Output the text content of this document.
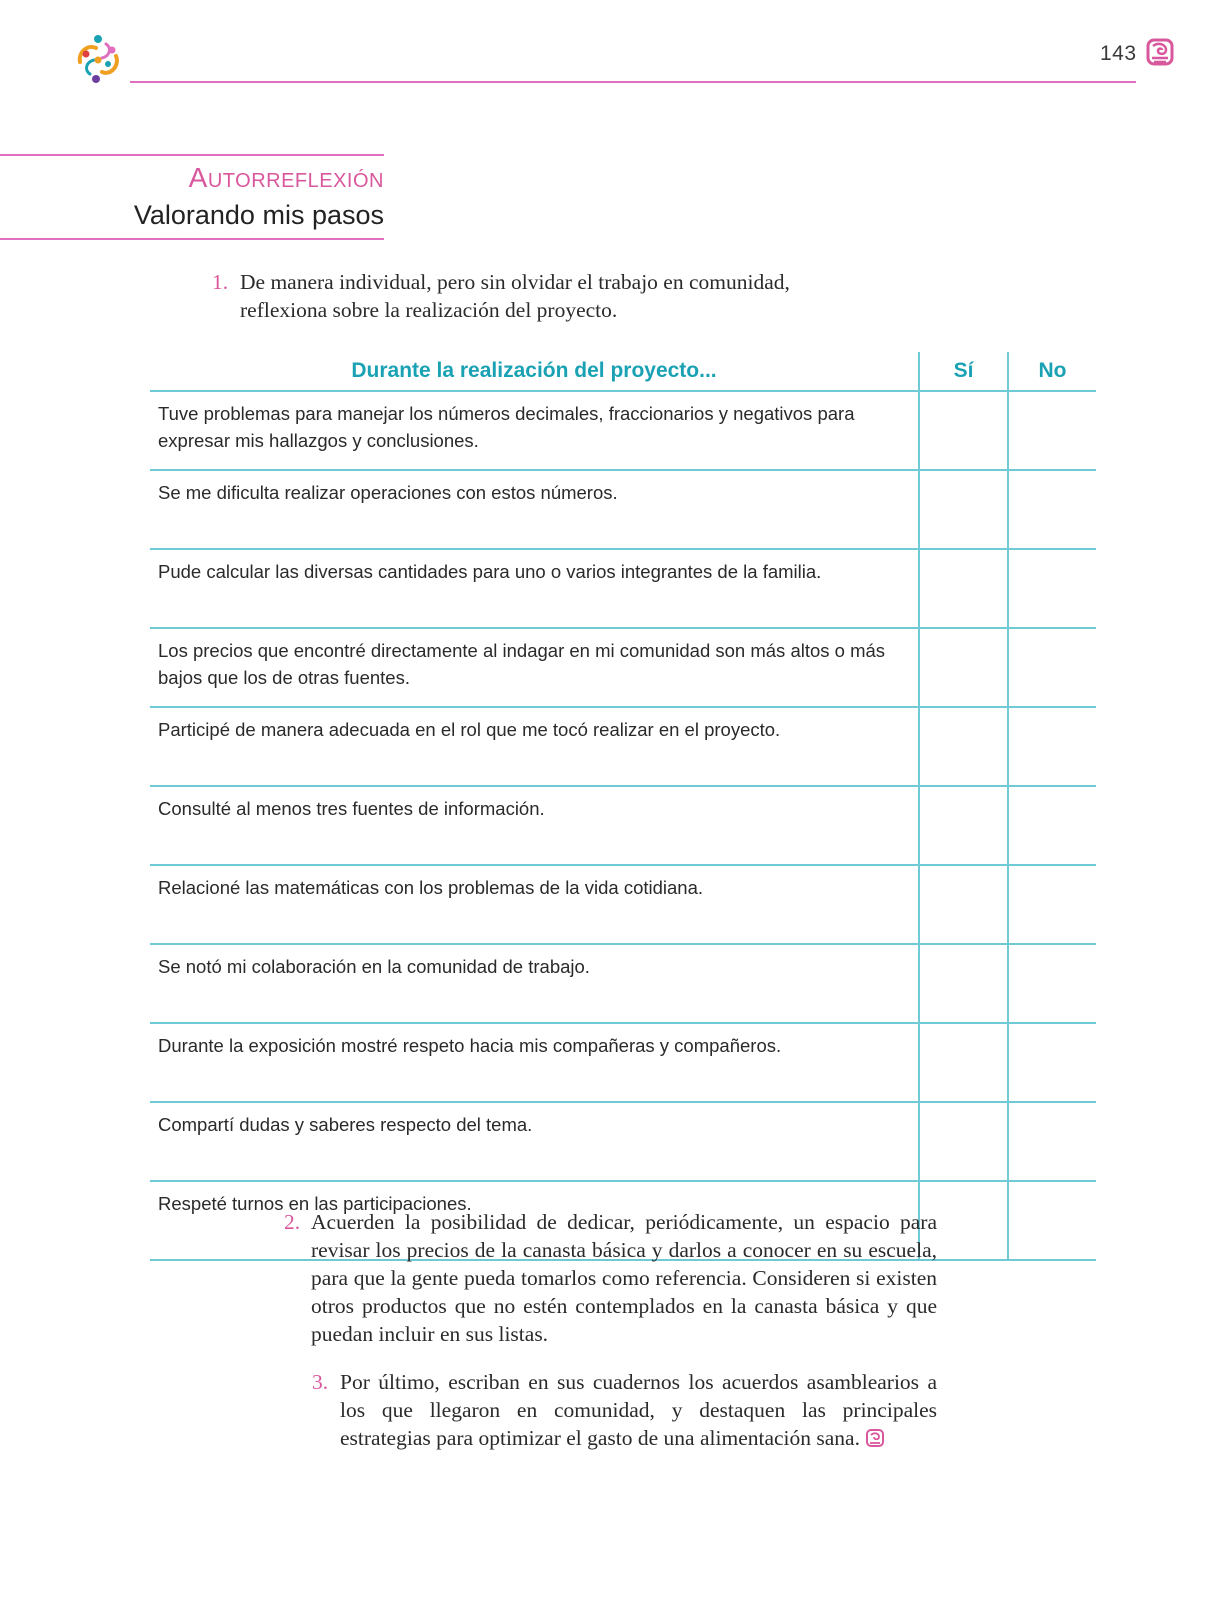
143
Autorreflexión
Valorando mis pasos
1. De manera individual, pero sin olvidar el trabajo en comunidad, reflexiona sobre la realización del proyecto.
Durante la realización del proyecto...	Sí	No
Tuve problemas para manejar los números decimales, fraccionarios y negativos para expresar mis hallazgos y conclusiones.		
Se me dificulta realizar operaciones con estos números.		
Pude calcular las diversas cantidades para uno o varios integrantes de la familia.		
Los precios que encontré directamente al indagar en mi comunidad son más altos o más bajos que los de otras fuentes.		
Participé de manera adecuada en el rol que me tocó realizar en el proyecto.		
Consulté al menos tres fuentes de información.		
Relacioné las matemáticas con los problemas de la vida cotidiana.		
Se notó mi colaboración en la comunidad de trabajo.		
Durante la exposición mostré respeto hacia mis compañeras y compañeros.		
Compartí dudas y saberes respecto del tema.		
Respeté turnos en las participaciones.		
2. Acuerden la posibilidad de dedicar, periódicamente, un espacio para revisar los precios de la canasta básica y darlos a conocer en su escuela, para que la gente pueda tomarlos como referencia. Consideren si existen otros productos que no estén contemplados en la canasta básica y que puedan incluir en sus listas.
3. Por último, escriban en sus cuadernos los acuerdos asamblearios a los que llegaron en comunidad, y destaquen las principales estrategias para optimizar el gasto de una alimentación sana.
